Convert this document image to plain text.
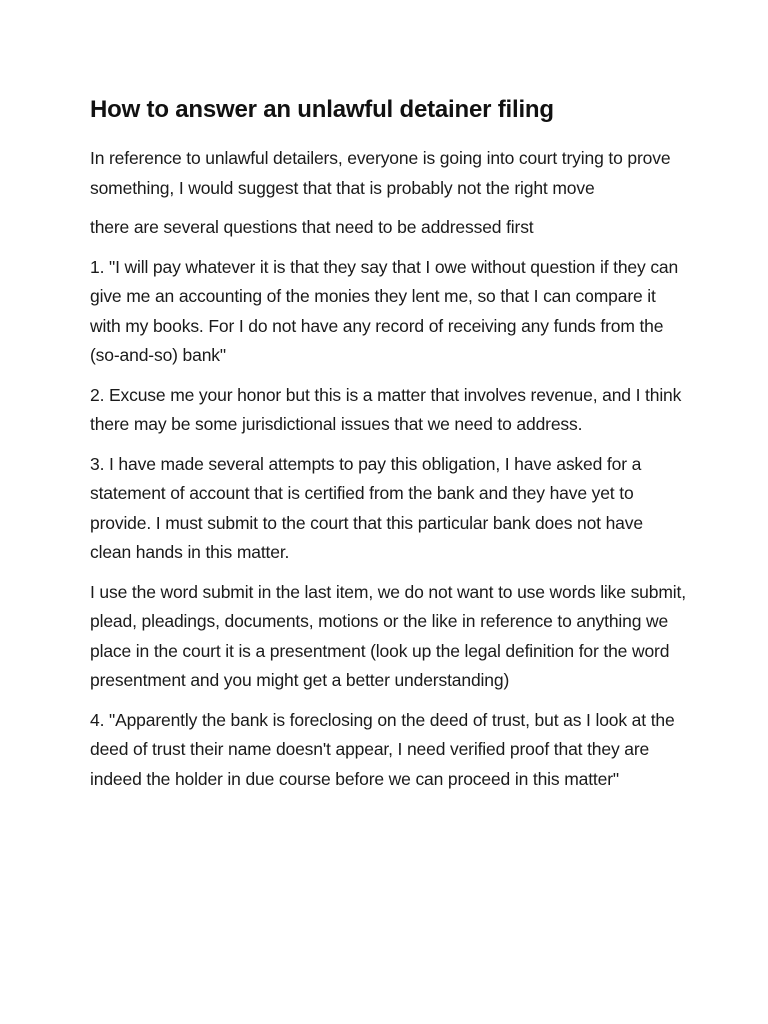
How to answer an unlawful detainer filing

In reference to unlawful detailers, everyone is going into court trying to prove something, I would suggest that that is probably not the right move

there are several questions that need to be addressed first

1. "I will pay whatever it is that they say that I owe without question if they can give me an accounting of the monies they lent me, so that I can compare it with my books. For I do not have any record of receiving any funds from the (so-and-so) bank"

2. Excuse me your honor but this is a matter that involves revenue, and I think there may be some jurisdictional issues that we need to address.

3. I have made several attempts to pay this obligation, I have asked for a statement of account that is certified from the bank and they have yet to provide. I must submit to the court that this particular bank does not have clean hands in this matter.

I use the word submit in the last item, we do not want to use words like submit, plead, pleadings, documents, motions or the like in reference to anything we place in the court it is a presentment (look up the legal definition for the word presentment and you might get a better understanding)

4. "Apparently the bank is foreclosing on the deed of trust, but as I look at the deed of trust their name doesn't appear, I need verified proof that they are indeed the holder in due course before we can proceed in this matter"
